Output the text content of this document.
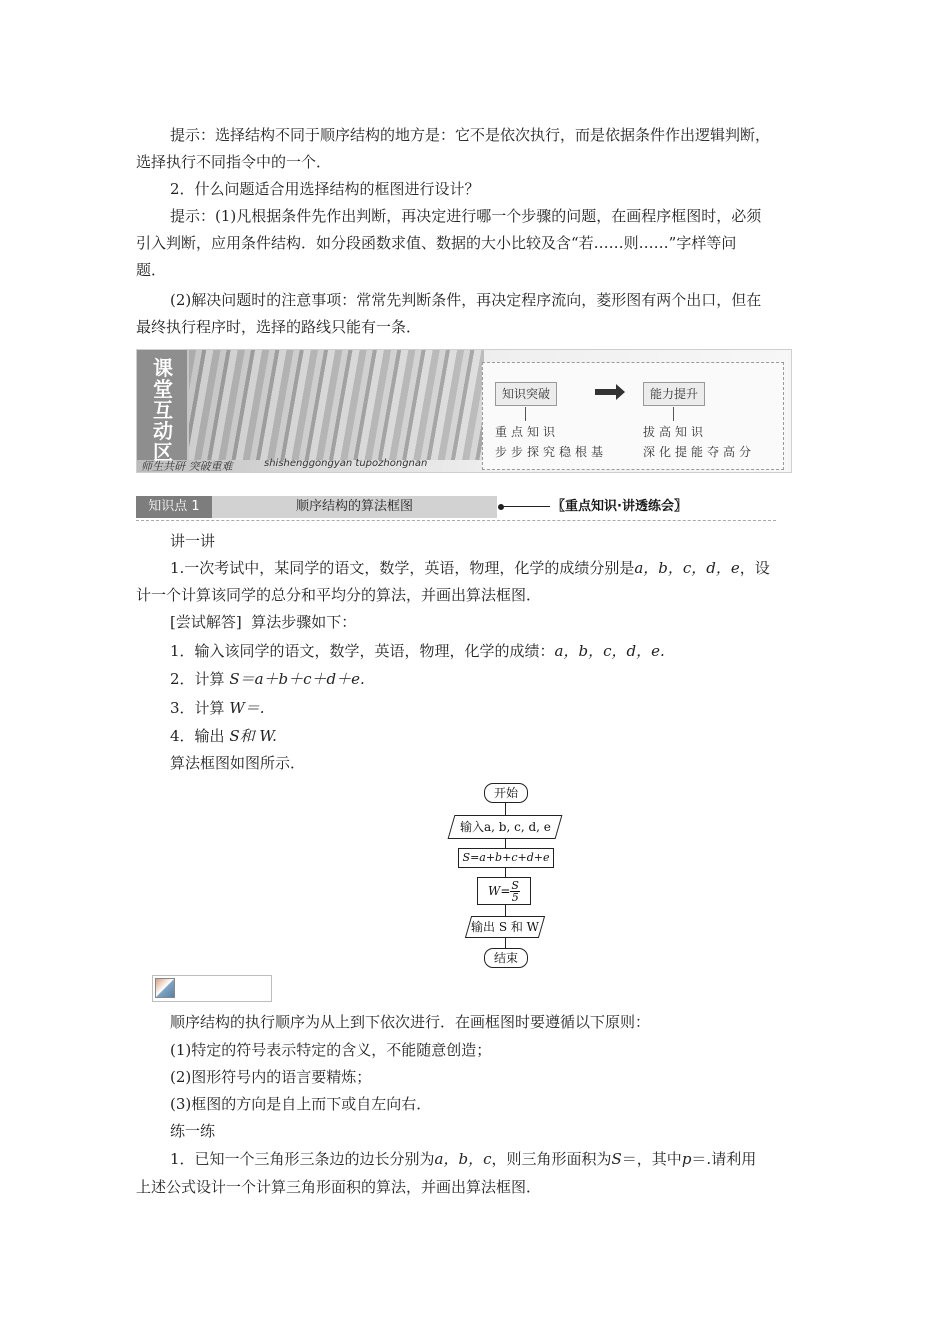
提示：选择结构不同于顺序结构的地方是：它不是依次执行，而是依据条件作出逻辑判断，
选择执行不同指令中的一个．
2．什么问题适合用选择结构的框图进行设计？
提示：(1)凡根据条件先作出判断，再决定进行哪一个步骤的问题，在画程序框图时，必须
引入判断，应用条件结构．如分段函数求值、数据的大小比较及含“若……则……”字样等问
题．
(2)解决问题时的注意事项：常常先判断条件，再决定程序流向，菱形图有两个出口，但在
最终执行程序时，选择的路线只能有一条．
课
堂
互
动
区
师生共研 突破重难	shishenggongyan tupozhongnan
知识突破	能力提升
重点知识
步步探究稳根基
拔高知识
深化提能夺高分
知识点 1	顺序结构的算法框图	〖重点知识·讲透练会〗
讲一讲
1.一次考试中，某同学的语文，数学，英语，物理，化学的成绩分别是a，b，c，d，e，设
计一个计算该同学的总分和平均分的算法，并画出算法框图．
[尝试解答] 算法步骤如下：
1．输入该同学的语文，数学，英语，物理，化学的成绩：a，b，c，d，e.
2．计算 S＝a＋b＋c＋d＋e.
3．计算 W＝.
4．输出 S和 W.
算法框图如图所示．
开始
输入a, b, c, d, e
S=a+b+c+d+e
$W= \frac{S}{5}$
输出 S 和 W
结束
顺序结构的执行顺序为从上到下依次进行．在画框图时要遵循以下原则：
(1)特定的符号表示特定的含义，不能随意创造；
(2)图形符号内的语言要精炼；
(3)框图的方向是自上而下或自左向右．
练一练
1．已知一个三角形三条边的边长分别为a，b，c，则三角形面积为S＝，其中p＝.请利用
上述公式设计一个计算三角形面积的算法，并画出算法框图．
